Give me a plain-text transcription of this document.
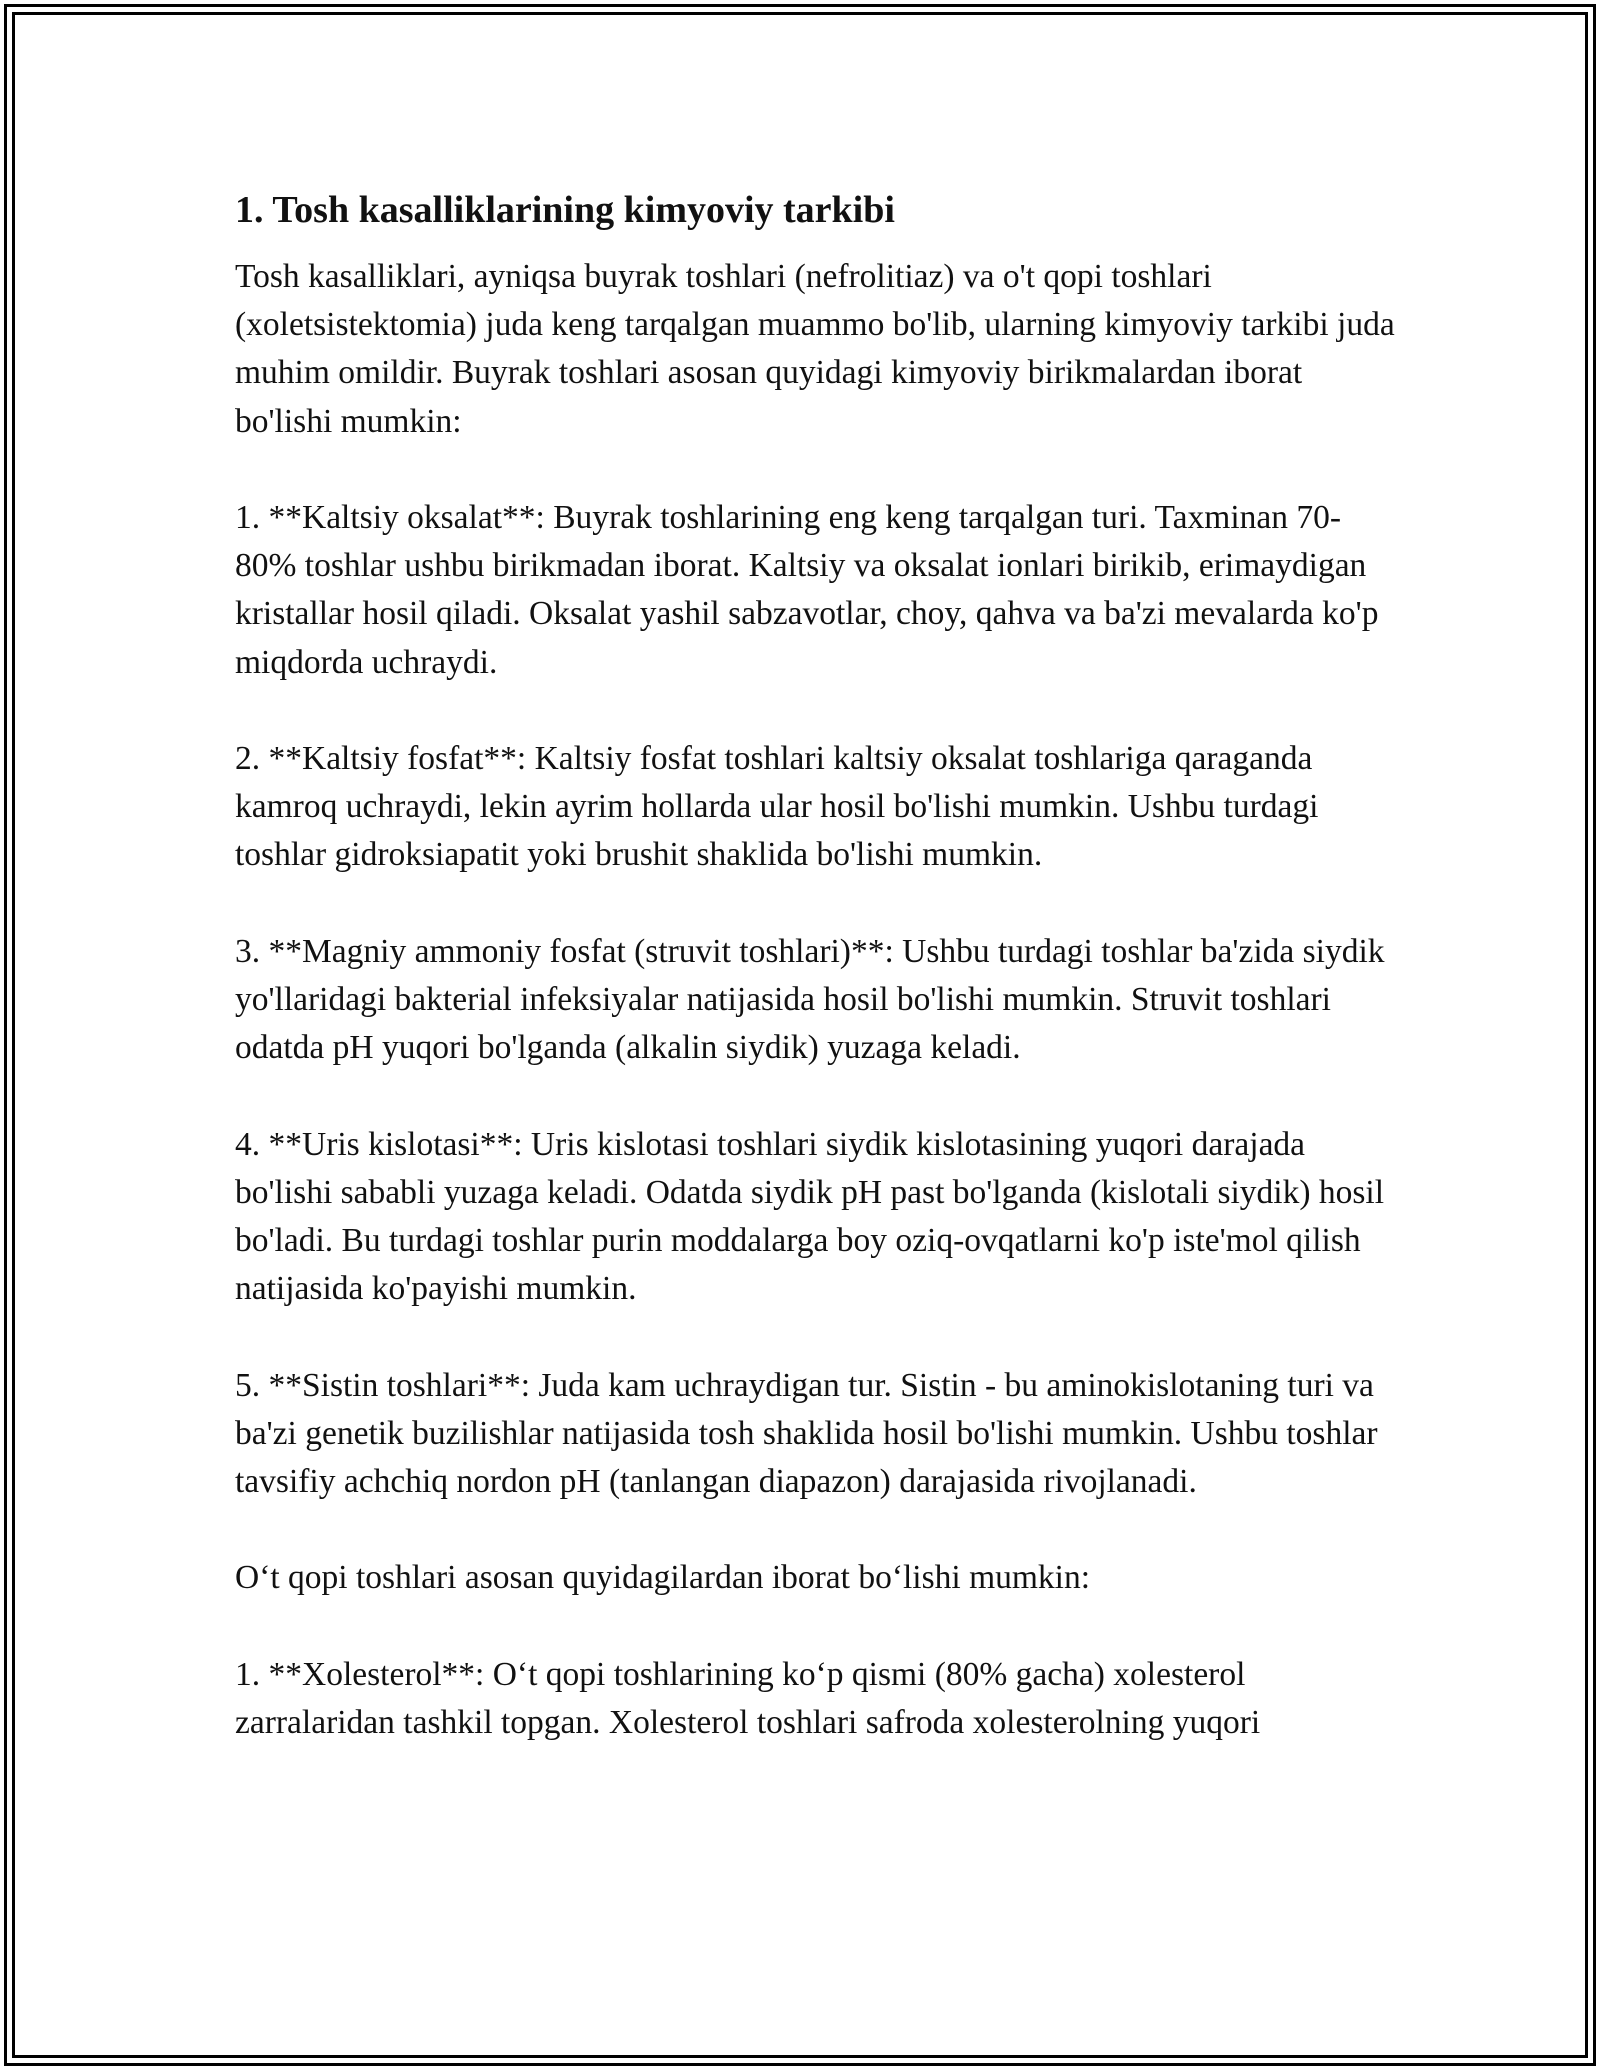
1. Tosh kasalliklarining kimyoviy tarkibi

Tosh kasalliklari, ayniqsa buyrak toshlari (nefrolitiaz) va o't qopi toshlari (xoletsistektomia) juda keng tarqalgan muammo bo'lib, ularning kimyoviy tarkibi juda muhim omildir. Buyrak toshlari asosan quyidagi kimyoviy birikmalardan iborat bo'lishi mumkin:

1. **Kaltsiy oksalat**: Buyrak toshlarining eng keng tarqalgan turi. Taxminan 70-80% toshlar ushbu birikmadan iborat. Kaltsiy va oksalat ionlari birikib, erimaydigan kristallar hosil qiladi. Oksalat yashil sabzavotlar, choy, qahva va ba'zi mevalarda ko'p miqdorda uchraydi.

2. **Kaltsiy fosfat**: Kaltsiy fosfat toshlari kaltsiy oksalat toshlariga qaraganda kamroq uchraydi, lekin ayrim hollarda ular hosil bo'lishi mumkin. Ushbu turdagi toshlar gidroksiapatit yoki brushit shaklida bo'lishi mumkin.

3. **Magniy ammoniy fosfat (struvit toshlari)**: Ushbu turdagi toshlar ba'zida siydik yo'llaridagi bakterial infeksiyalar natijasida hosil bo'lishi mumkin. Struvit toshlari odatda pH yuqori bo'lganda (alkalin siydik) yuzaga keladi.

4. **Uris kislotasi**: Uris kislotasi toshlari siydik kislotasining yuqori darajada bo'lishi sababli yuzaga keladi. Odatda siydik pH past bo'lganda (kislotali siydik) hosil bo'ladi. Bu turdagi toshlar purin moddalarga boy oziq-ovqatlarni ko'p iste'mol qilish natijasida ko'payishi mumkin.

5. **Sistin toshlari**: Juda kam uchraydigan tur. Sistin - bu aminokislotaning turi va ba'zi genetik buzilishlar natijasida tosh shaklida hosil bo'lishi mumkin. Ushbu toshlar tavsifiy achchiq nordon pH (tanlangan diapazon) darajasida rivojlanadi.

O‘t qopi toshlari asosan quyidagilardan iborat bo‘lishi mumkin:

1. **Xolesterol**: O‘t qopi toshlarining ko‘p qismi (80% gacha) xolesterol zarralaridan tashkil topgan. Xolesterol toshlari safroda xolesterolning yuqori
